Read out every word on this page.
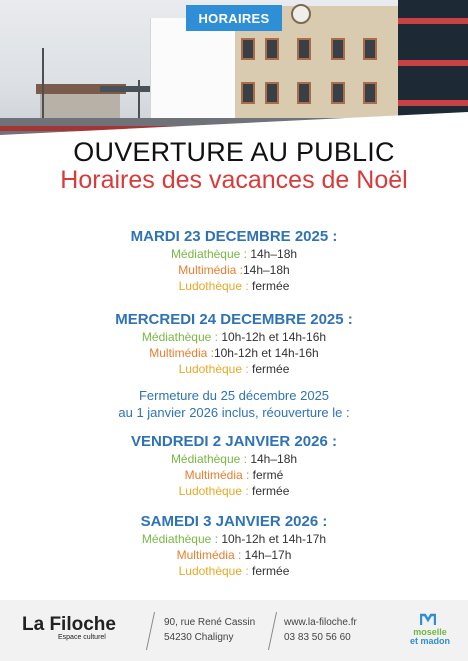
HORAIRES
OUVERTURE AU PUBLIC
Horaires des vacances de Noël
MARDI 23 DECEMBRE 2025 :
Médiathèque : 14h–18h
Multimédia :14h–18h
Ludothèque : fermée
MERCREDI 24 DECEMBRE 2025 :
Médiathèque : 10h-12h et 14h-16h
Multimédia :10h-12h et 14h-16h
Ludothèque : fermée
Fermeture du 25 décembre 2025
au 1 janvier 2026 inclus, réouverture le :
VENDREDI 2 JANVIER 2026 :
Médiathèque : 14h–18h
Multimédia : fermé
Ludothèque : fermée
SAMEDI 3 JANVIER 2026 :
Médiathèque : 10h-12h et 14h-17h
Multimédia : 14h–17h
Ludothèque : fermée
La Filoche
Espace culturel
90, rue René Cassin
54230 Chaligny
www.la-filoche.fr
03 83 50 56 60	moselle
et madon
